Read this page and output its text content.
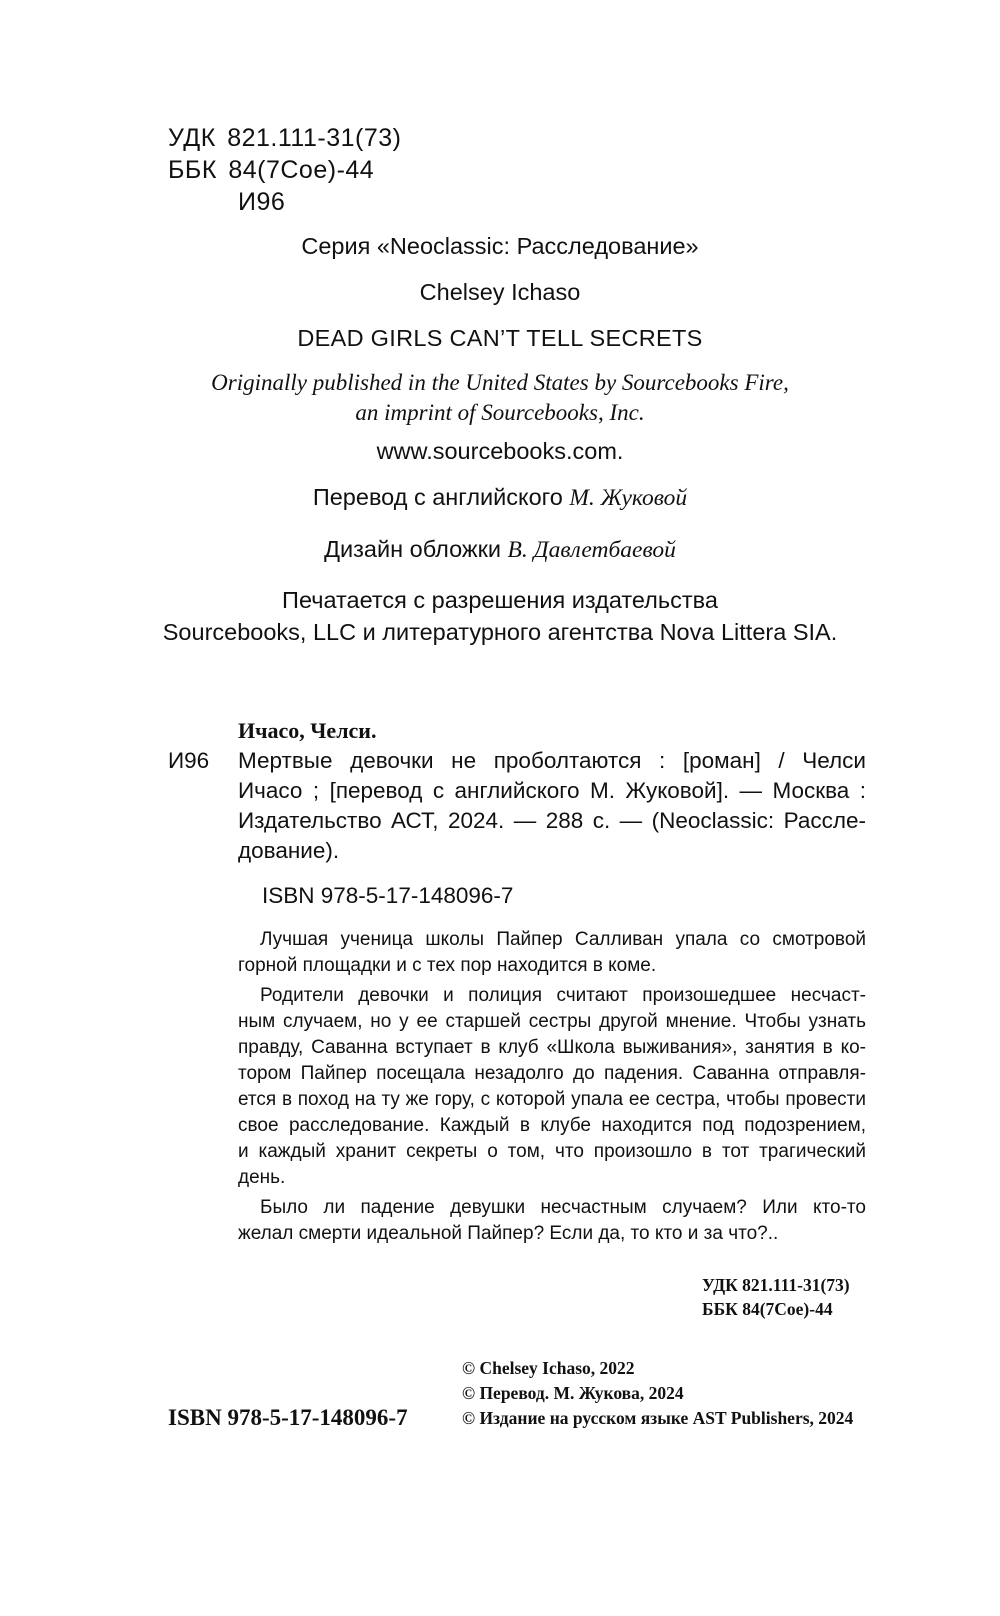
УДК 821.111-31(73)
ББК 84(7Сое)-44
И96
Серия «Neoclassic: Расследование»
Chelsey Ichaso
DEAD GIRLS CAN’T TELL SECRETS
Originally published in the United States by Sourcebooks Fire,
an imprint of Sourcebooks, Inc.
www.sourcebooks.com.
Перевод с английского М. Жуковой
Дизайн обложки В. Давлетбаевой
Печатается с разрешения издательства
Sourcebooks, LLC и литературного агентства Nova Littera SIA.
Ичасо, Челси.
И96 Мертвые девочки не проболтаются : [роман] / Челси
Ичасо ; [перевод с английского М. Жуковой]. — Москва :
Издательство АСТ, 2024. — 288 с. — (Neoclassic: Рассле-
дование).
ISBN 978-5-17-148096-7
Лучшая ученица школы Пайпер Салливан упала со смотровой
горной площадки и с тех пор находится в коме.
Родители девочки и полиция считают произошедшее несчаст-
ным случаем, но у ее старшей сестры другой мнение. Чтобы узнать
правду, Саванна вступает в клуб «Школа выживания», занятия в ко-
тором Пайпер посещала незадолго до падения. Саванна отправля-
ется в поход на ту же гору, с которой упала ее сестра, чтобы провести
свое расследование. Каждый в клубе находится под подозрением,
и каждый хранит секреты о том, что произошло в тот трагический
день.
Было ли падение девушки несчастным случаем? Или кто-то
желал смерти идеальной Пайпер? Если да, то кто и за что?..
УДК 821.111-31(73)
ББК 84(7Сое)-44
ISBN 978-5-17-148096-7
© Chelsey Ichaso, 2022
© Перевод. М. Жукова, 2024
© Издание на русском языке AST Publishers, 2024
